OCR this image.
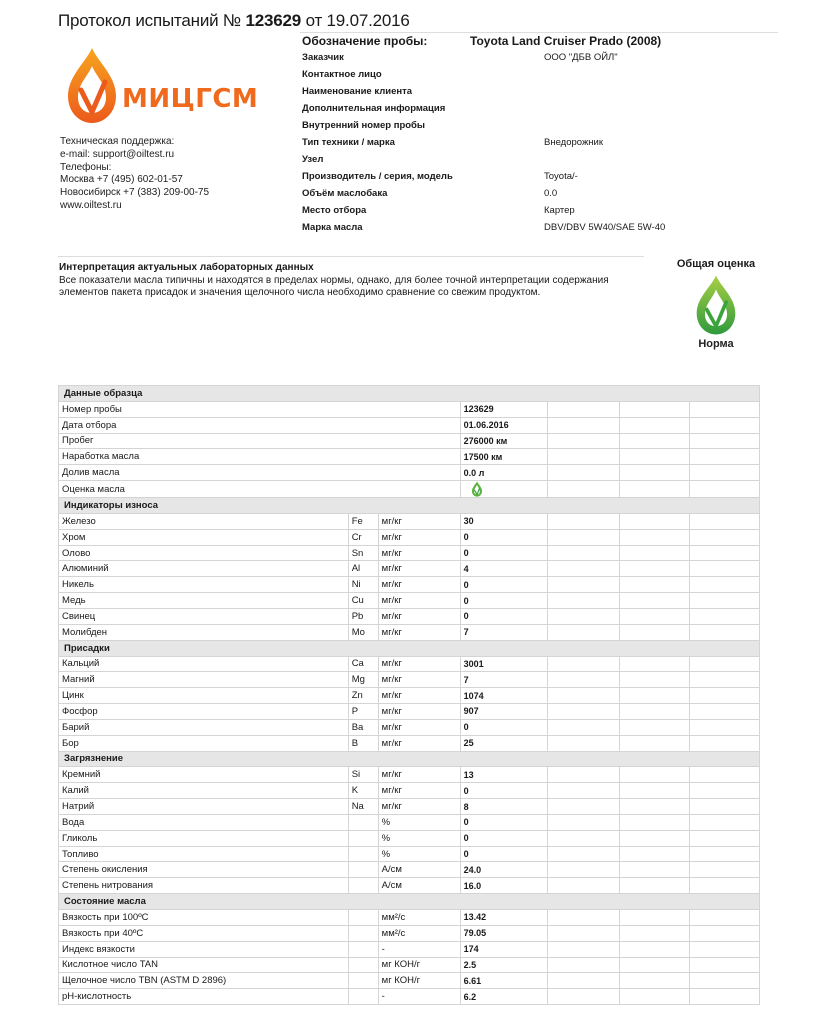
Протокол испытаний № 123629 от 19.07.2016
МИЦГСМ
Техническая поддержка:
e-mail: support@oiltest.ru
Телефоны:
Москва +7 (495) 602-01-57
Новосибирск +7 (383) 209-00-75
www.oiltest.ru
Обозначение пробы:	Toyota Land Cruiser Prado (2008)
Заказчик	ООО "ДБВ ОЙЛ"
Контактное лицо
Наименование клиента
Дополнительная информация
Внутренний номер пробы
Тип техники / марка	Внедорожник
Узел
Производитель / серия, модель	Toyota/-
Объём маслобака	0.0
Место отбора	Картер
Марка масла	DBV/DBV 5W40/SAE 5W-40
Интерпретация актуальных лабораторных данных
Все показатели масла типичны и находятся в пределах нормы, однако, для более точной интерпретации содержания элементов пакета присадок и значения щелочного числа необходимо сравнение со свежим продуктом.
Общая оценка
Норма
Данные образца						
Номер пробы			123629			
Дата отбора			01.06.2016			
Пробег			276000 км			
Наработка масла			17500 км			
Долив масла			0.0 л			
Оценка масла	

Индикаторы износа						
Железо	Fe	мг/кг	30			
Хром	Cr	мг/кг	0			
Олово	Sn	мг/кг	0			
Алюминий	Al	мг/кг	4			
Никель	Ni	мг/кг	0			
Медь	Cu	мг/кг	0			
Свинец	Pb	мг/кг	0			
Молибден	Mo	мг/кг	7			
Присадки						
Кальций	Ca	мг/кг	3001			
Магний	Mg	мг/кг	7			
Цинк	Zn	мг/кг	1074			
Фосфор	P	мг/кг	907			
Барий	Ba	мг/кг	0			
Бор	B	мг/кг	25			
Загрязнение						
Кремний	Si	мг/кг	13			
Калий	K	мг/кг	0			
Натрий	Na	мг/кг	8			
Вода		%	0			
Гликоль		%	0			
Топливо		%	0			
Степень окисления		А/см	24.0			
Степень нитрования		А/см	16.0			
Состояние масла						
Вязкость при 100ºС		мм²/с	13.42			
Вязкость при 40ºС		мм²/с	79.05			
Индекс вязкости		-	174			
Кислотное число TAN		мг КОН/г	2.5			
Щелочное число TBN (ASTM D 2896)		мг КОН/г	6.61			
pH-кислотность		-	6.2			
